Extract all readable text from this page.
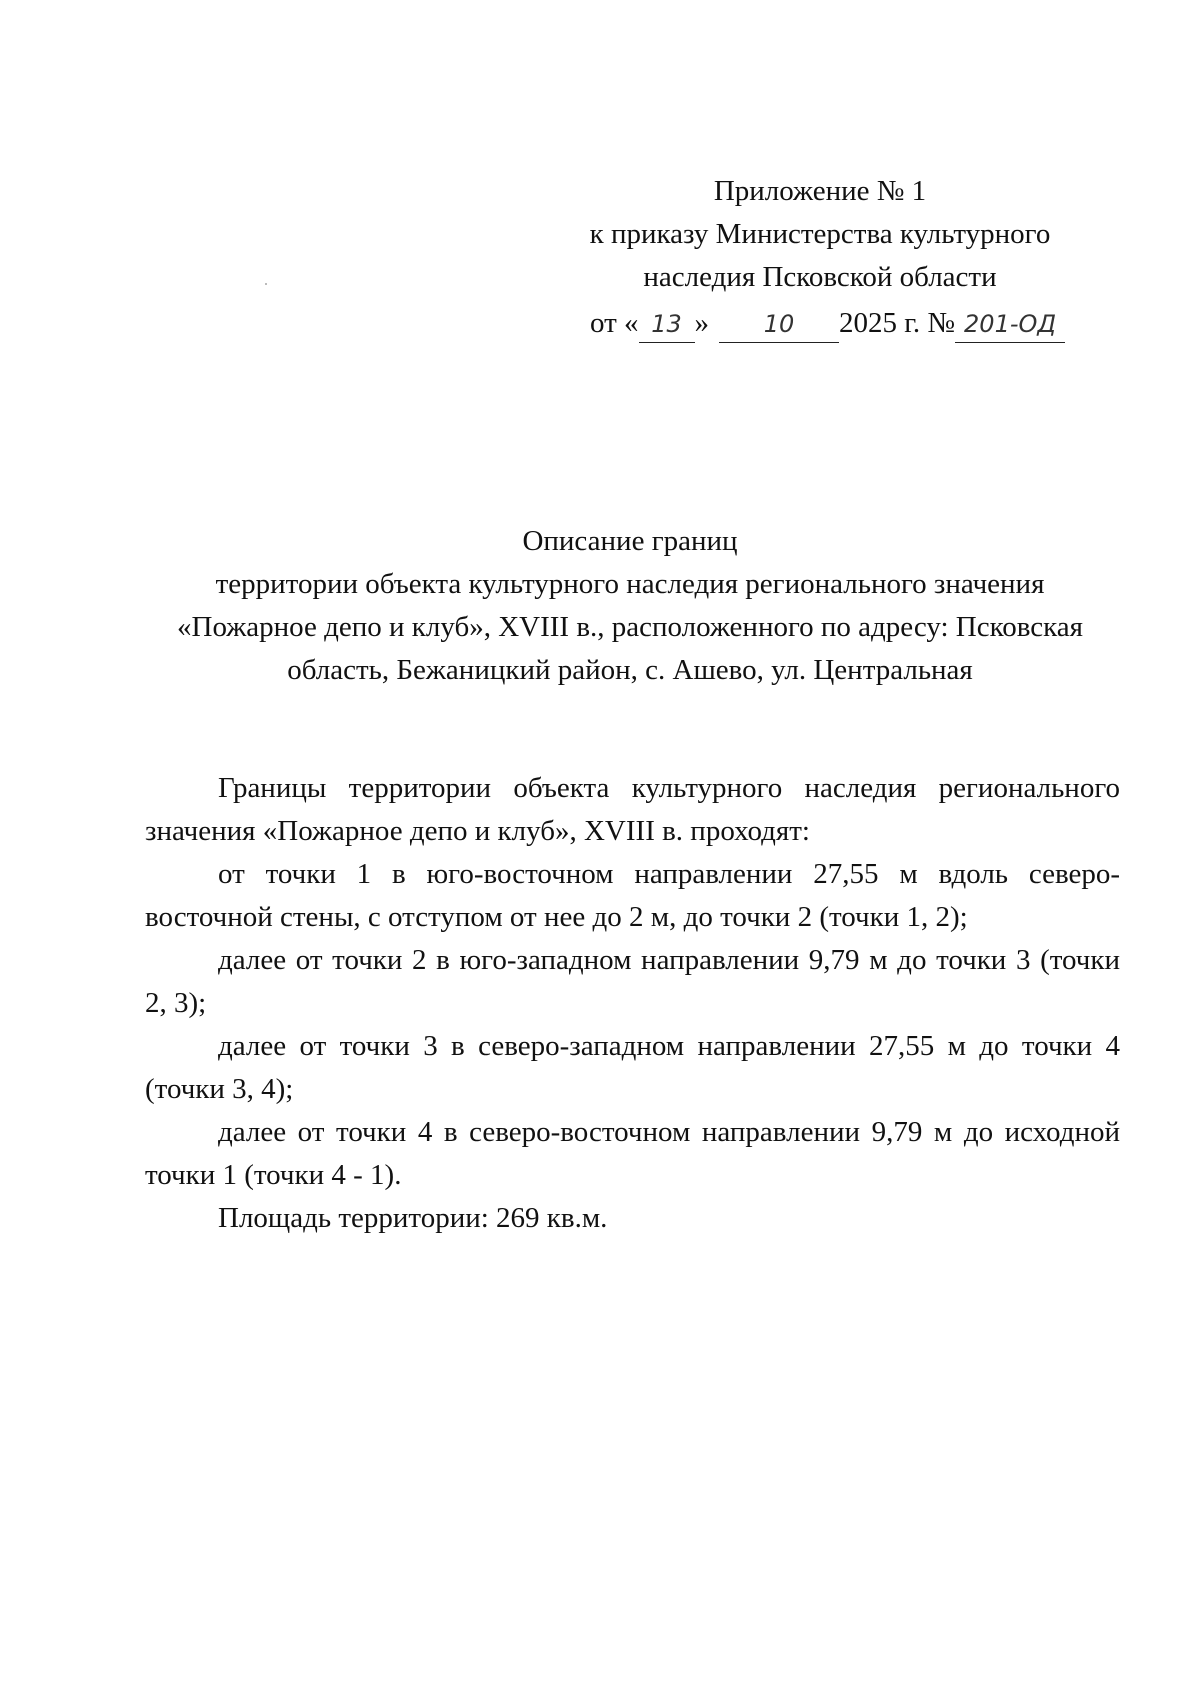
Приложение № 1
к приказу Министерства культурного
наследия Псковской области
от « 13 » 10 2025 г. № 201-ОД
Описание границ
территории объекта культурного наследия регионального значения
«Пожарное депо и клуб», XVIII в., расположенного по адресу: Псковская
область, Бежаницкий район, с. Ашево, ул. Центральная

Границы территории объекта культурного наследия регионального значения «Пожарное депо и клуб», XVIII в. проходят:

от точки 1 в юго-восточном направлении 27,55 м вдоль северо-восточной стены, с отступом от нее до 2 м, до точки 2 (точки 1, 2);

далее от точки 2 в юго-западном направлении 9,79 м до точки 3 (точки 2, 3);

далее от точки 3 в северо-западном направлении 27,55 м до точки 4 (точки 3, 4);

далее от точки 4 в северо-восточном направлении 9,79 м до исходной точки 1 (точки 4 - 1).

Площадь территории: 269 кв.м.
